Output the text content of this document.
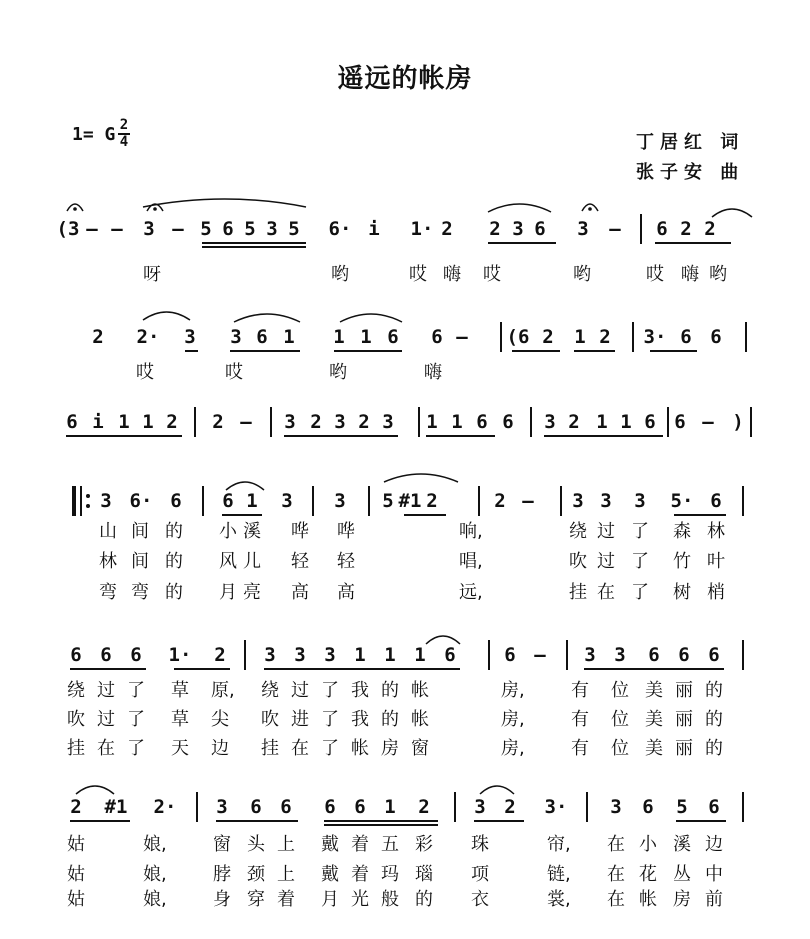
遥远的帐房
1= G 2
4	丁居红 词
张子安 曲
(3 — — 3 — 5 6 5 3 5 6· i 1· 2 2 3 6 3 — 6 2 2
呀	哟	哎 嗨 哎	哟	哎 嗨 哟
2 2· 3 3 6 1 1 1 6 6 — (6 2 1 2 3· 6 6
哎	哎	哟	嗨
6 i 1 1 2 2 — 3 2 3 2 3 1 1 6 6 3 2 1 1 6 6 — )
3 6· 6 6 1 3 3 5 #1 2	2 — 3 3 3 5· 6
山 间 的 小 溪 哗 哗	响,	绕 过 了 森 林
林 间 的 风 儿 轻 轻	唱,	吹 过 了 竹 叶
弯 弯 的 月 亮 高 高	远,	挂 在 了 树 梢
6 6 6 1· 2 3 3 3 1 1 1 6	6 — 3 3 6 6 6
绕 过 了 草 原, 绕 过 了 我 的 帐	房,	有 位 美 丽 的
吹 过 了 草 尖 吹 进 了 我 的 帐	房,	有 位 美 丽 的
挂 在 了 天 边 挂 在 了 帐 房 窗	房,	有 位 美 丽 的
2 #1 2· 3 6 6 6 6 1 2 3 2 3· 3 6 5 6
姑	娘,	窗 头 上 戴 着 五 彩 珠	帘, 在 小 溪 边
姑	娘,	脖 颈 上 戴 着 玛 瑙 项	链, 在 花 丛 中
姑	娘,	身 穿 着 月 光 般 的 衣	裳, 在 帐 房 前
